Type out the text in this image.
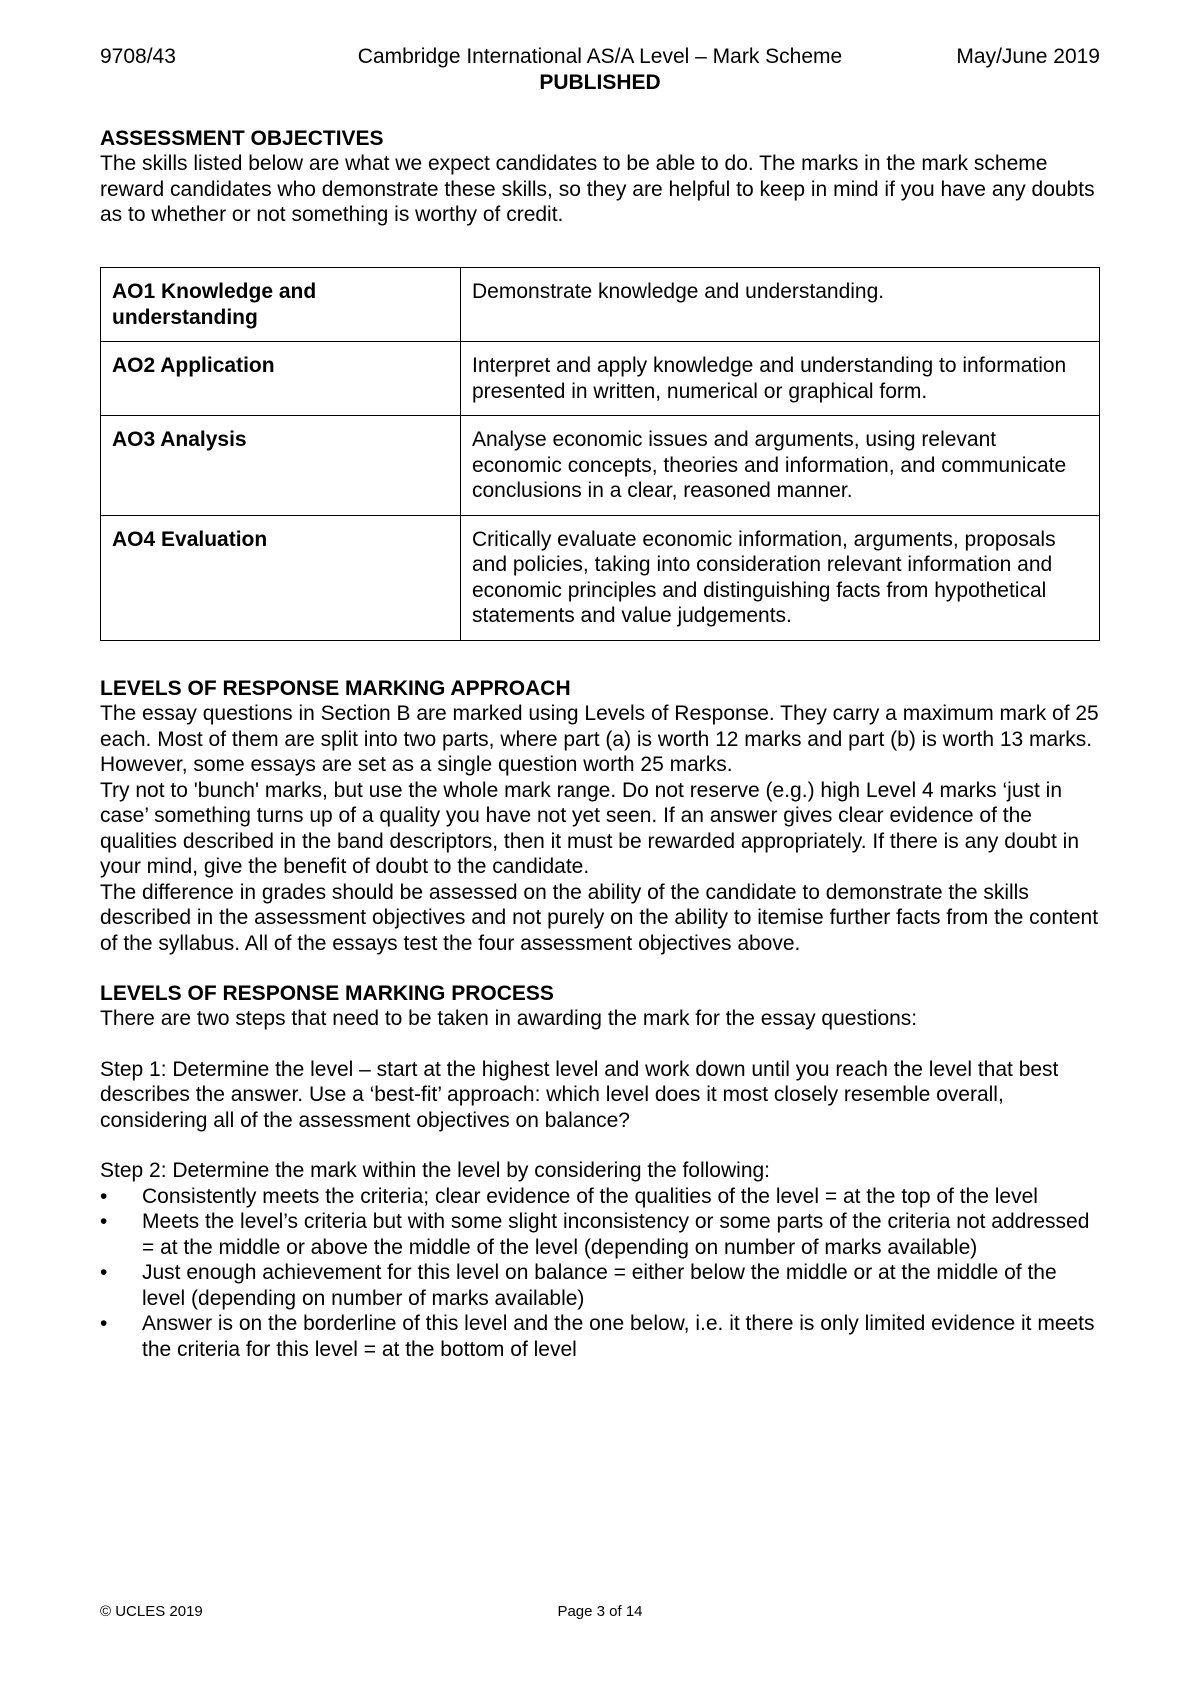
9708/43	Cambridge International AS/A Level – Mark Scheme	May/June 2019
PUBLISHED

ASSESSMENT OBJECTIVES

The skills listed below are what we expect candidates to be able to do. The marks in the mark scheme reward candidates who demonstrate these skills, so they are helpful to keep in mind if you have any doubts as to whether or not something is worthy of credit.

AO1 Knowledge and understanding	Demonstrate knowledge and understanding.
AO2 Application	Interpret and apply knowledge and understanding to information presented in written, numerical or graphical form.
AO3 Analysis	Analyse economic issues and arguments, using relevant economic concepts, theories and information, and communicate conclusions in a clear, reasoned manner.
AO4 Evaluation	Critically evaluate economic information, arguments, proposals and policies, taking into consideration relevant information and economic principles and distinguishing facts from hypothetical statements and value judgements.

LEVELS OF RESPONSE MARKING APPROACH

The essay questions in Section B are marked using Levels of Response. They carry a maximum mark of 25 each. Most of them are split into two parts, where part (a) is worth 12 marks and part (b) is worth 13 marks. However, some essays are set as a single question worth 25 marks.

Try not to 'bunch' marks, but use the whole mark range. Do not reserve (e.g.) high Level 4 marks ‘just in case’ something turns up of a quality you have not yet seen. If an answer gives clear evidence of the qualities described in the band descriptors, then it must be rewarded appropriately. If there is any doubt in your mind, give the benefit of doubt to the candidate.

The difference in grades should be assessed on the ability of the candidate to demonstrate the skills described in the assessment objectives and not purely on the ability to itemise further facts from the content of the syllabus. All of the essays test the four assessment objectives above.

LEVELS OF RESPONSE MARKING PROCESS

There are two steps that need to be taken in awarding the mark for the essay questions:

Step 1: Determine the level – start at the highest level and work down until you reach the level that best describes the answer. Use a ‘best-fit’ approach: which level does it most closely resemble overall, considering all of the assessment objectives on balance?

Step 2: Determine the mark within the level by considering the following:

• Consistently meets the criteria; clear evidence of the qualities of the level = at the top of the level
• Meets the level’s criteria but with some slight inconsistency or some parts of the criteria not addressed = at the middle or above the middle of the level (depending on number of marks available)
• Just enough achievement for this level on balance = either below the middle or at the middle of the level (depending on number of marks available)
• Answer is on the borderline of this level and the one below, i.e. it there is only limited evidence it meets the criteria for this level = at the bottom of level
© UCLES 2019	Page 3 of 14
